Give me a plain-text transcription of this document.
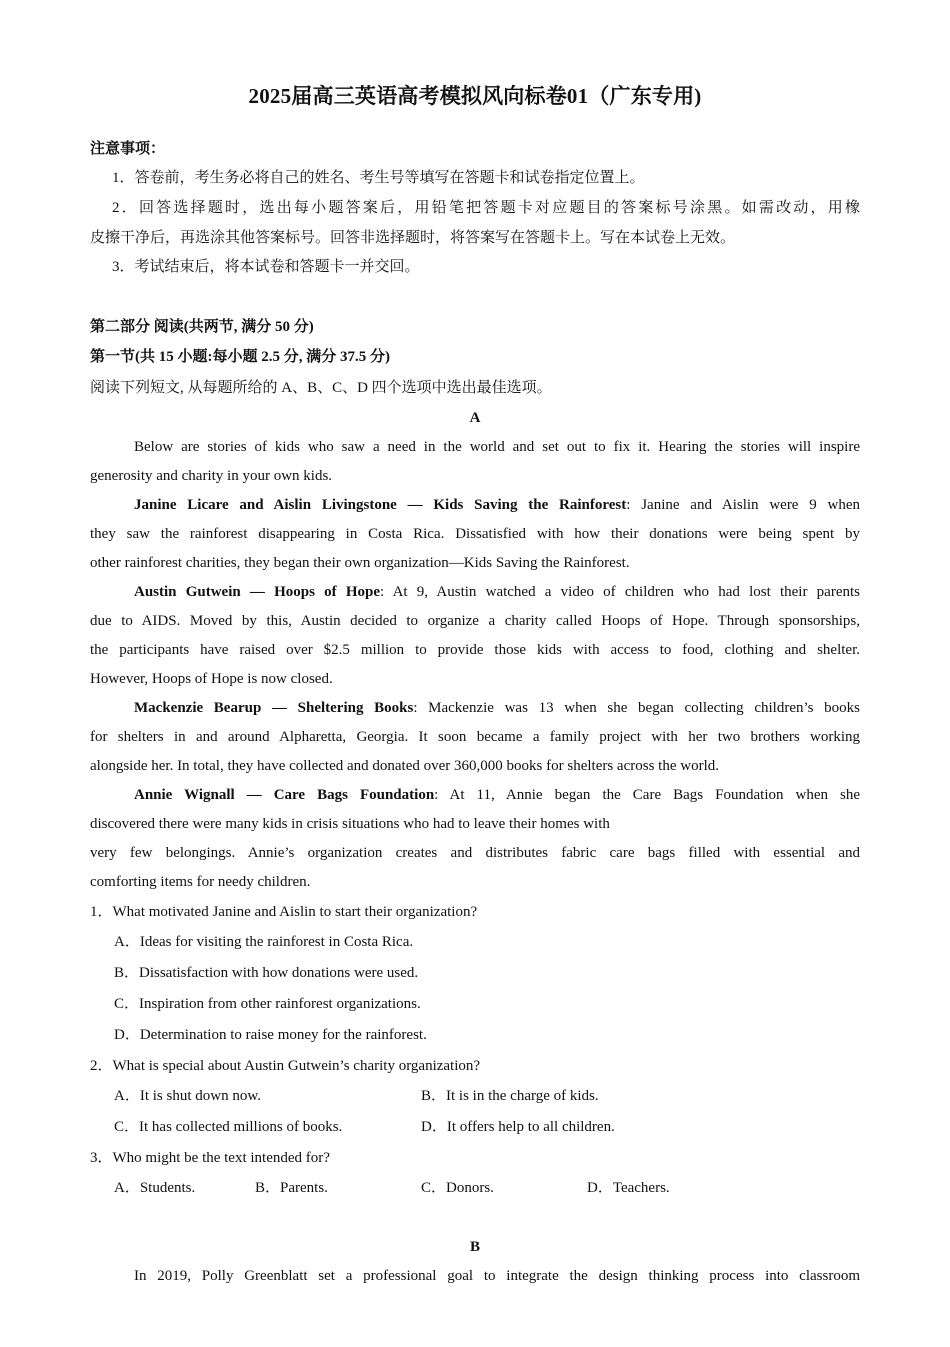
2025届高三英语高考模拟风向标卷01（广东专用)
注意事项：
1．答卷前，考生务必将自己的姓名、考生号等填写在答题卡和试卷指定位置上。
2．回答选择题时，选出每小题答案后，用铅笔把答题卡对应题目的答案标号涂黑。如需改动，用橡
皮擦干净后，再选涂其他答案标号。回答非选择题时，将答案写在答题卡上。写在本试卷上无效。
3．考试结束后，将本试卷和答题卡一并交回。
第二部分 阅读(共两节, 满分 50 分)
第一节(共 15 小题:每小题 2.5 分, 满分 37.5 分)
阅读下列短文, 从每题所给的 A、B、C、D 四个选项中选出最佳选项。
A
Below are stories of kids who saw a need in the world and set out to fix it. Hearing the stories will inspire
generosity and charity in your own kids.
Janine Licare and Aislin Livingstone — Kids Saving the Rainforest: Janine and Aislin were 9 when
they saw the rainforest disappearing in Costa Rica. Dissatisfied with how their donations were being spent by
other rainforest charities, they began their own organization—Kids Saving the Rainforest.
Austin Gutwein — Hoops of Hope: At 9, Austin watched a video of children who had lost their parents
due to AIDS. Moved by this, Austin decided to organize a charity called Hoops of Hope. Through sponsorships,
the participants have raised over $2.5 million to provide those kids with access to food, clothing and shelter.
However, Hoops of Hope is now closed.
Mackenzie Bearup — Sheltering Books: Mackenzie was 13 when she began collecting children’s books
for shelters in and around Alpharetta, Georgia. It soon became a family project with her two brothers working
alongside her. In total, they have collected and donated over 360,000 books for shelters across the world.
Annie Wignall — Care Bags Foundation: At 11, Annie began the Care Bags Foundation when she
discovered there were many kids in crisis situations who had to leave their homes with
very few belongings. Annie’s organization creates and distributes fabric care bags filled with essential and
comforting items for needy children.
1．What motivated Janine and Aislin to start their organization?
A．Ideas for visiting the rainforest in Costa Rica.
B．Dissatisfaction with how donations were used.
C．Inspiration from other rainforest organizations.
D．Determination to raise money for the rainforest.
2．What is special about Austin Gutwein’s charity organization?
A．It is shut down now.	B．It is in the charge of kids.
C．It has collected millions of books.	D．It offers help to all children.
3．Who might be the text intended for?
A．Students.	B．Parents.	C．Donors.	D．Teachers.
B
In 2019, Polly Greenblatt set a professional goal to integrate the design thinking process into classroom
